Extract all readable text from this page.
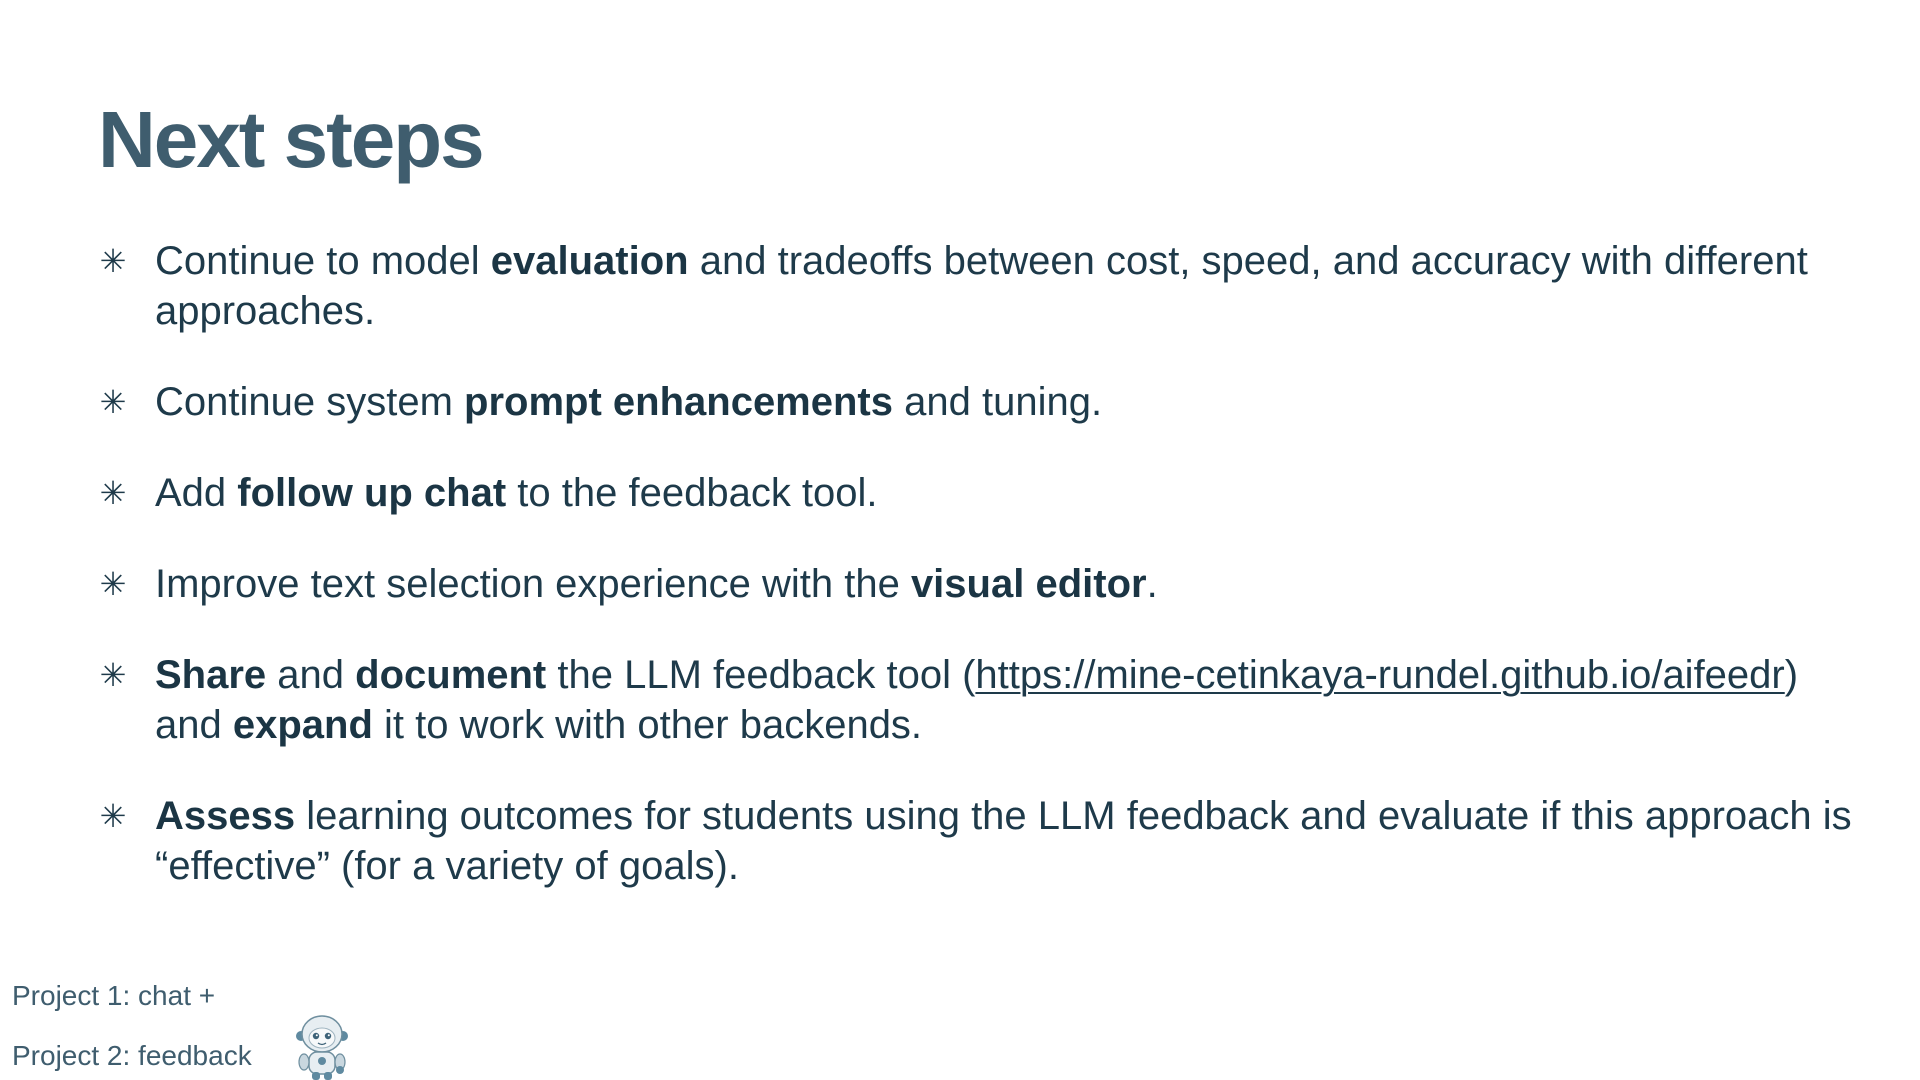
Next steps
✳ Continue to model evaluation and tradeoffs between cost, speed, and accuracy with different approaches.
✳ Continue system prompt enhancements and tuning.
✳ Add follow up chat to the feedback tool.
✳ Improve text selection experience with the visual editor.
✳ Share and document the LLM feedback tool (https://mine-cetinkaya-rundel.github.io/aifeedr) and expand it to work with other backends.
✳ Assess learning outcomes for students using the LLM feedback and evaluate if this approach is “effective” (for a variety of goals).
Project 1: chat +
Project 2: feedback
